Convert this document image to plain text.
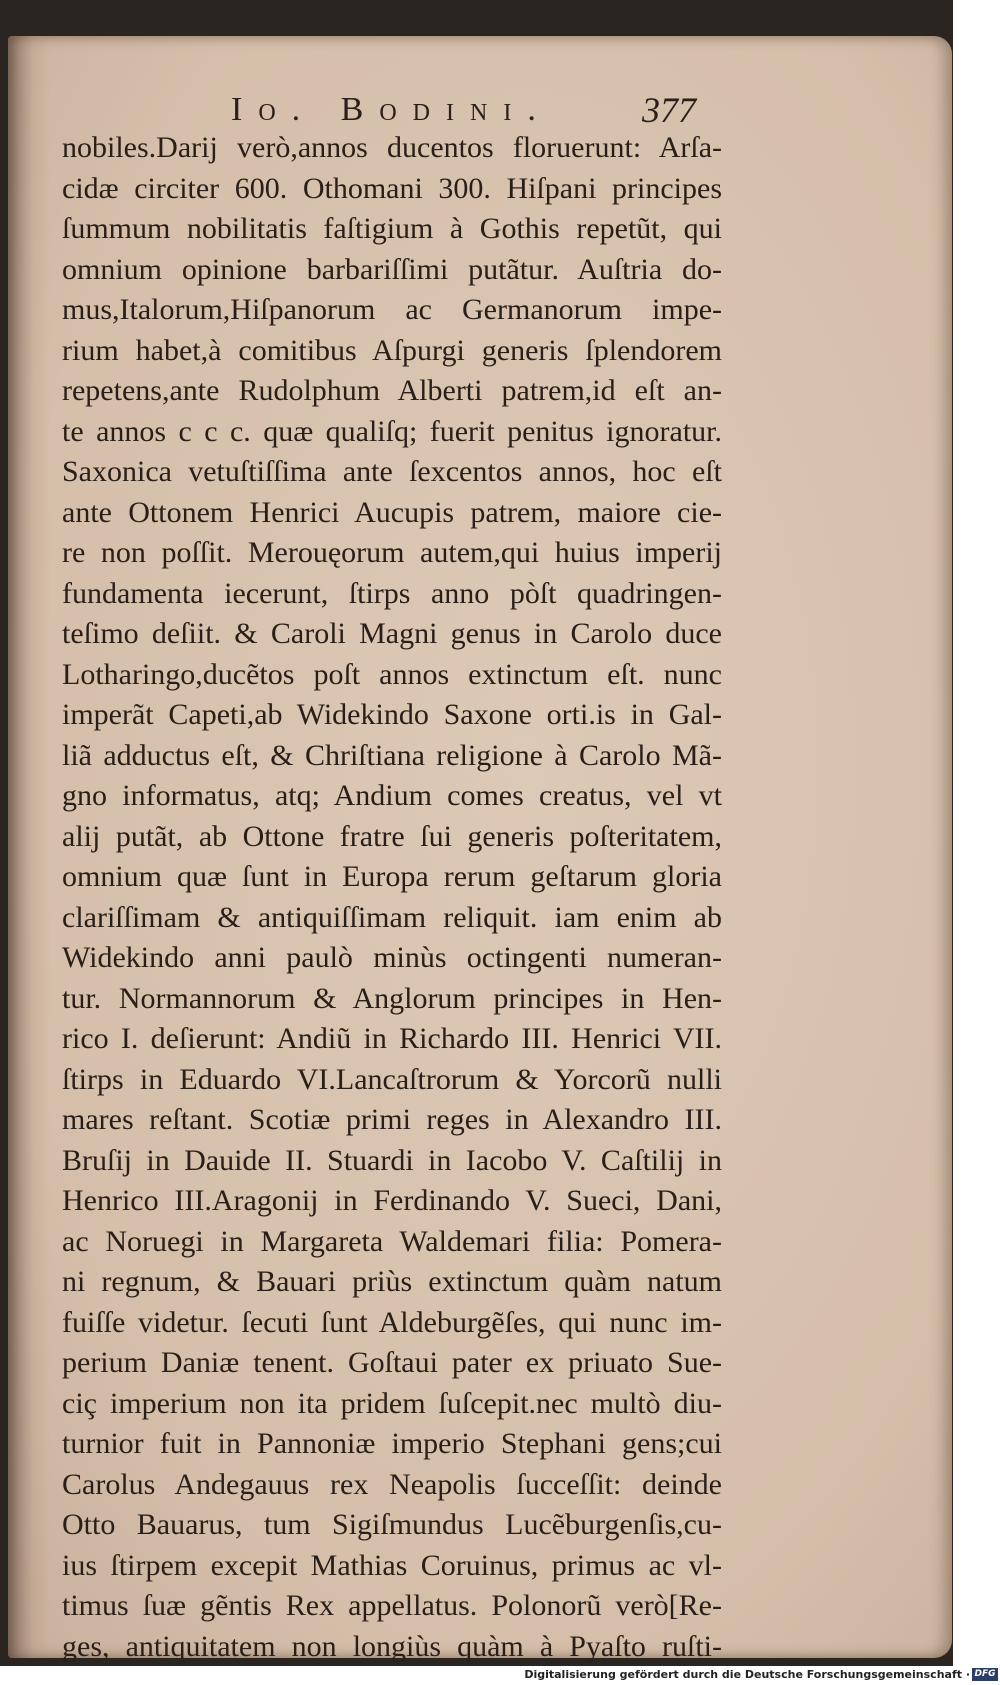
Io. Bodini.	377
nobiles.Darij verò,annos ducentos floruerunt: Arſa-
cidæ circiter 600. Othomani 300. Hiſpani principes
ſummum nobilitatis faſtigium à Gothis repetũt, qui
omnium opinione barbariſſimi putãtur. Auſtria do-
mus,Italorum,Hiſpanorum ac Germanorum impe-
rium habet,à comitibus Aſpurgi generis ſplendorem
repetens,ante Rudolphum Alberti patrem,id eſt an-
te annos c c c. quæ qualiſq; fuerit penitus ignoratur.
Saxonica vetuſtiſſima ante ſexcentos annos, hoc eſt
ante Ottonem Henrici Aucupis patrem, maiore cie-
re non poſſit. Merouęorum autem,qui huius imperij
fundamenta iecerunt, ſtirps anno pòſt quadringen-
teſimo deſiit. & Caroli Magni genus in Carolo duce
Lotharingo,ducẽtos poſt annos extinctum eſt. nunc
imperãt Capeti,ab Widekindo Saxone orti.is in Gal-
liã adductus eſt, & Chriſtiana religione à Carolo Mã-
gno informatus, atq; Andium comes creatus, vel vt
alij putãt, ab Ottone fratre ſui generis poſteritatem,
omnium quæ ſunt in Europa rerum geſtarum gloria
clariſſimam & antiquiſſimam reliquit. iam enim ab
Widekindo anni paulò minùs octingenti numeran-
tur. Normannorum & Anglorum principes in Hen-
rico I. deſierunt: Andiũ in Richardo III. Henrici VII.
ſtirps in Eduardo VI.Lancaſtrorum & Yorcorũ nulli
mares reſtant. Scotiæ primi reges in Alexandro III.
Bruſij in Dauide II. Stuardi in Iacobo V. Caſtilij in
Henrico III.Aragonij in Ferdinando V. Sueci, Dani,
ac Noruegi in Margareta Waldemari filia: Pomera-
ni regnum, & Bauari priùs extinctum quàm natum
fuiſſe videtur. ſecuti ſunt Aldeburgẽſes, qui nunc im-
perium Daniæ tenent. Goſtaui pater ex priuato Sue-
ciç imperium non ita pridem ſuſcepit.nec multò diu-
turnior fuit in Pannoniæ imperio Stephani gens;cui
Carolus Andegauus rex Neapolis ſucceſſit: deinde
Otto Bauarus, tum Sigiſmundus Lucẽburgenſis,cu-
ius ſtirpem excepit Mathias Coruinus, primus ac vl-
timus ſuæ gẽntis Rex appellatus. Polonorũ verò[Re-
ges, antiquitatem non longiùs quàm à Pyaſto ruſti-
Digitalisierung gefördert durch die Deutsche Forschungsgemeinschaft · DFG
